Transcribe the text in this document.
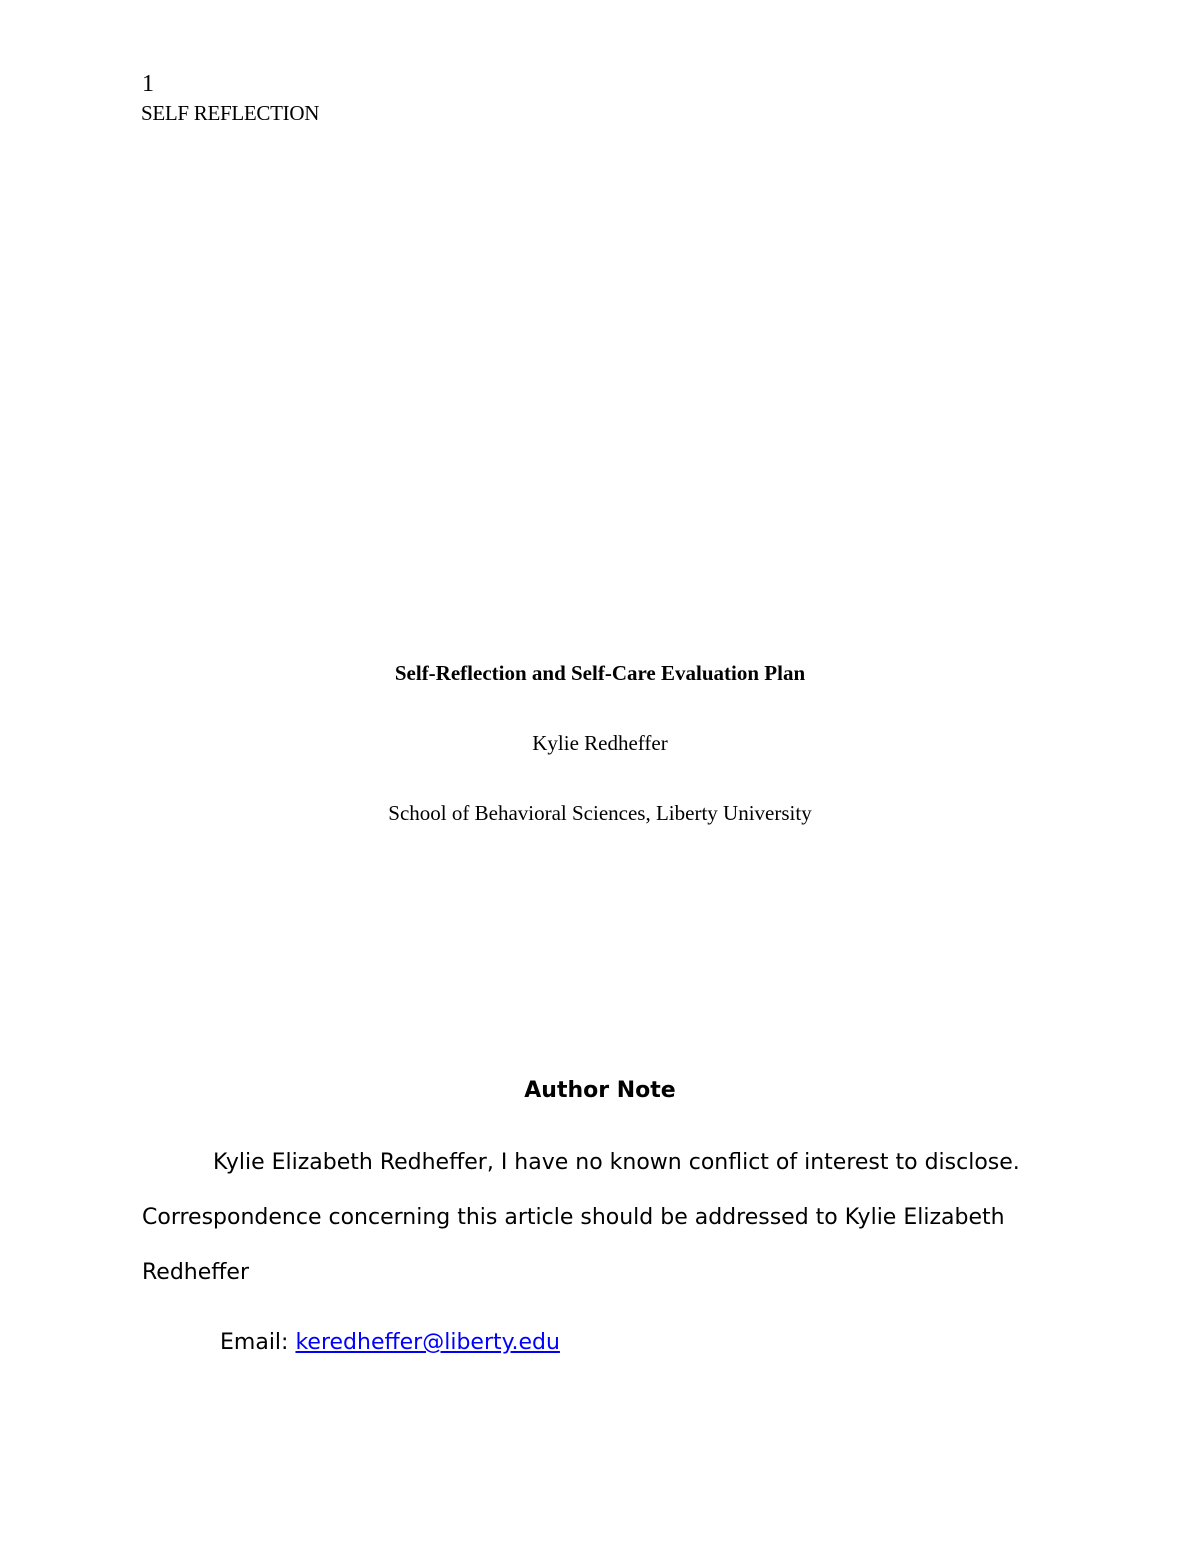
1
SELF REFLECTION
Self-Reflection and Self-Care Evaluation Plan
Kylie Redheffer
School of Behavioral Sciences, Liberty University
Author Note

Kylie Elizabeth Redheffer, I have no known conflict of interest to disclose. Correspondence concerning this article should be addressed to Kylie Elizabeth Redheffer

Email: keredheffer@liberty.edu
